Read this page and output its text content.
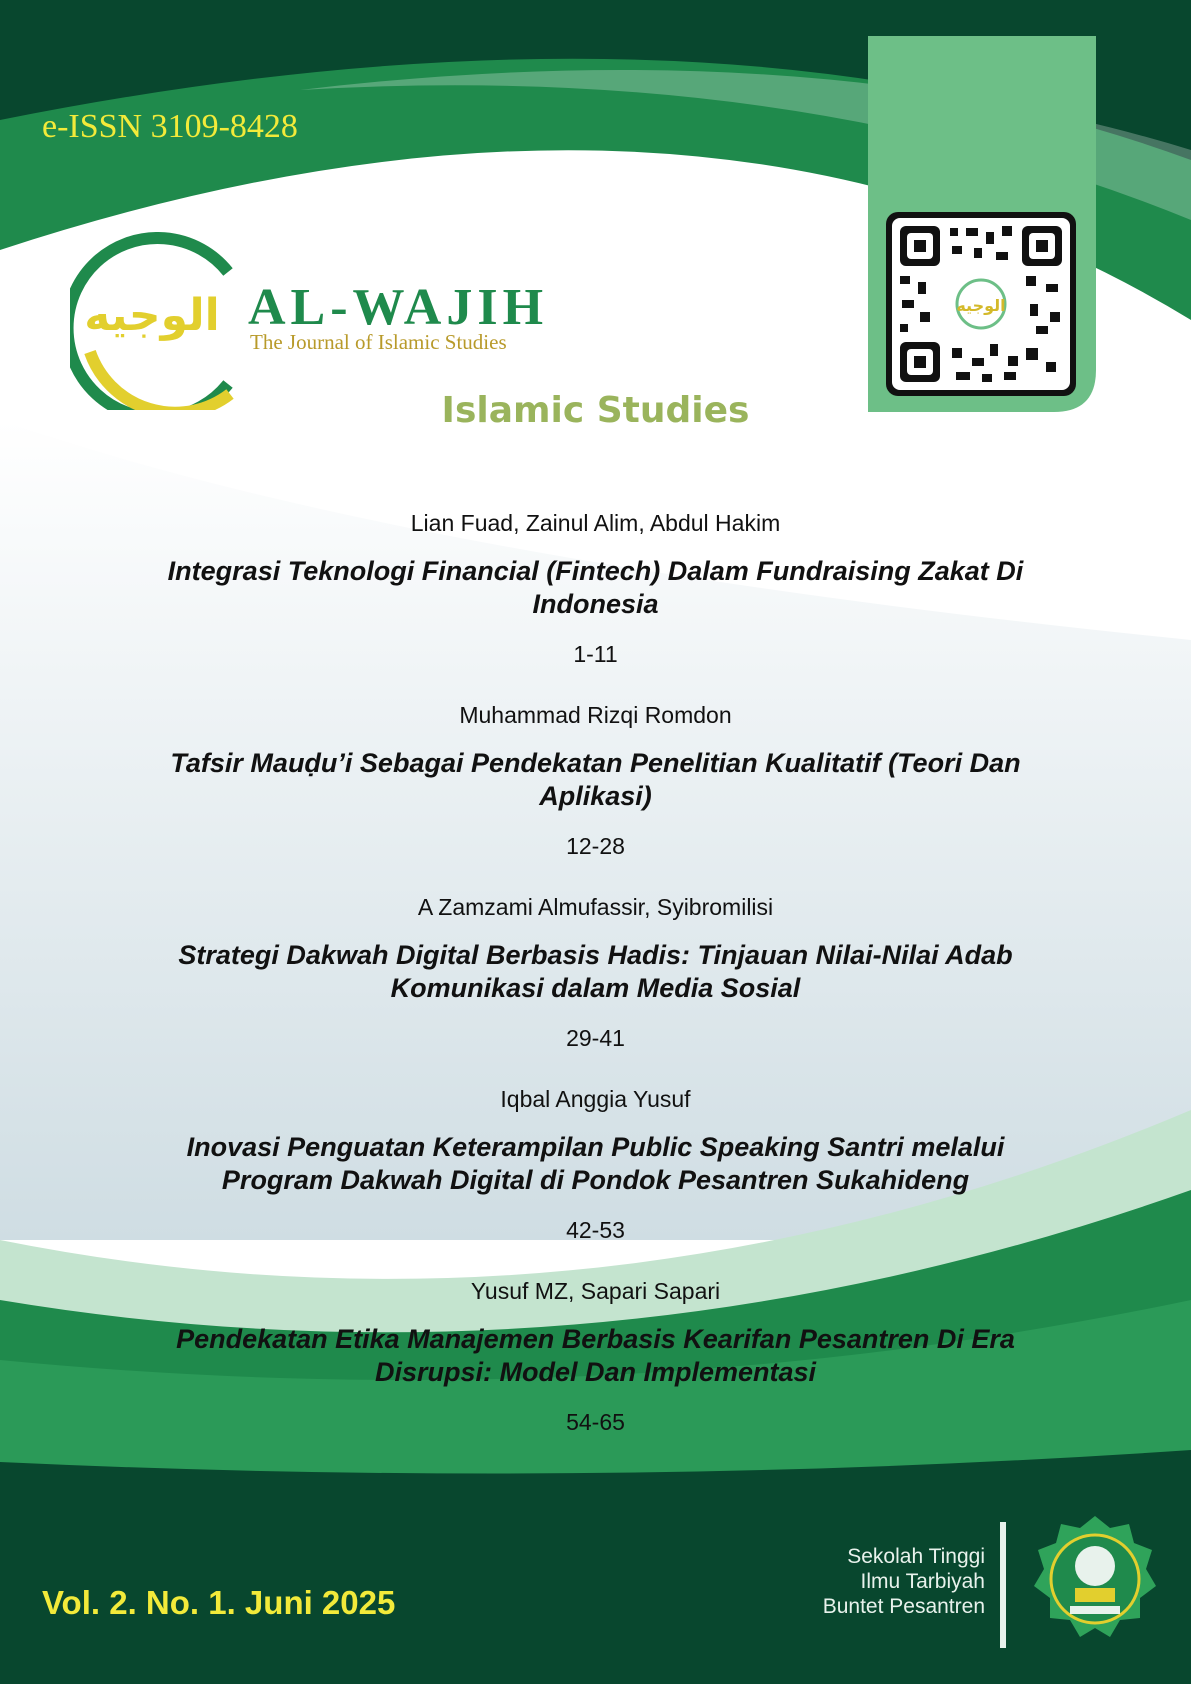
e-ISSN 3109-8428
الوجيه AL-WAJIH
The Journal of Islamic Studies
الوجيه
Islamic Studies
Lian Fuad, Zainul Alim, Abdul Hakim
Integrasi Teknologi Financial (Fintech) Dalam Fundraising Zakat Di Indonesia
1-11
Muhammad Rizqi Romdon
Tafsir Mauḍu’i Sebagai Pendekatan Penelitian Kualitatif (Teori Dan Aplikasi)
12-28
A Zamzami Almufassir, Syibromilisi
Strategi Dakwah Digital Berbasis Hadis: Tinjauan Nilai-Nilai Adab Komunikasi dalam Media Sosial
29-41
Iqbal Anggia Yusuf
Inovasi Penguatan Keterampilan Public Speaking Santri melalui Program Dakwah Digital di Pondok Pesantren Sukahideng
42-53
Yusuf MZ, Sapari Sapari
Pendekatan Etika Manajemen Berbasis Kearifan Pesantren Di Era Disrupsi: Model Dan Implementasi
54-65
Vol. 2. No. 1. Juni 2025
Sekolah Tinggi
Ilmu Tarbiyah
Buntet Pesantren
